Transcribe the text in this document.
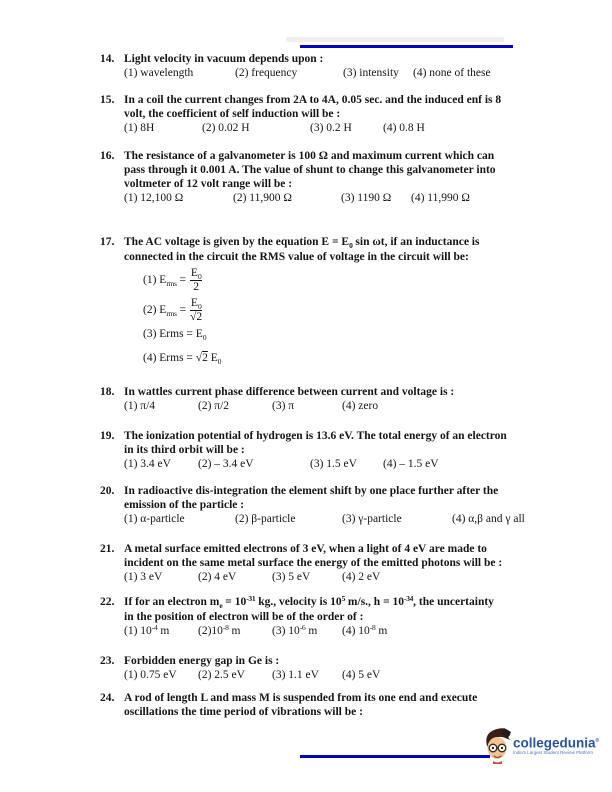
14. Light velocity in vacuum depends upon :
(1) wavelength	(2) frequency	(3) intensity (4) none of these
15. In a coil the current changes from 2A to 4A, 0.05 sec. and the induced enf is 8
volt, the coefficient of self induction will be :
(1) 8H	(2) 0.02 H	(3) 0.2 H	(4) 0.8 H
16. The resistance of a galvanometer is 100 Ω and maximum current which can
pass through it 0.001 A. The value of shunt to change this galvanometer into
voltmeter of 12 volt range will be :
(1) 12,100 Ω	(2) 11,900 Ω	(3) 1190 Ω (4) 11,990 Ω
17. The AC voltage is given by the equation $E = E_0$ sin ωt, if an inductance is
connected in the circuit the RMS value of voltage in the circuit will be:
(1) $E_{rms} = \frac{E_0}{2}$
(2) $E_{rms} = \frac{E_0}{√2}$
(3) Erms = $E_0$
(4) Erms = √2 $E_0$
18. In wattles current phase difference between current and voltage is :
(1) π/4	(2) π/2	(3) π	(4) zero
19. The ionization potential of hydrogen is 13.6 eV. The total energy of an electron
in its third orbit will be :
(1) 3.4 eV (2) – 3.4 eV	(3) 1.5 eV (4) – 1.5 eV
20. In radioactive dis-integration the element shift by one place further after the
emission of the particle :
(1) α-particle	(2) β-particle	(3) γ-particle	(4) α,β and γ all
21. A metal surface emitted electrons of 3 eV, when a light of 4 eV are made to
incident on the same metal surface the energy of the emitted photons will be :
(1) 3 eV	(2) 4 eV	(3) 5 eV	(4) 2 eV
22. If for an electron $m_e = 10^{-31}$ kg., velocity is $10^5$ m/s., $h = 10^{-34}$, the uncertainty
in the position of electron will be of the order of :
(1) $10^{-4}$ m $(2)10^{-8}$ m	(3) $10^{-6}$ m (4) $10^{-8}$ m
23. Forbidden energy gap in Ge is :
(1) 0.75 eV (2) 2.5 eV (3) 1.1 eV (4) 5 eV
24. A rod of length L and mass M is suspended from its one end and execute
oscillations the time period of vibrations will be :
collegedunia®
India's Largest Student Review Platform
